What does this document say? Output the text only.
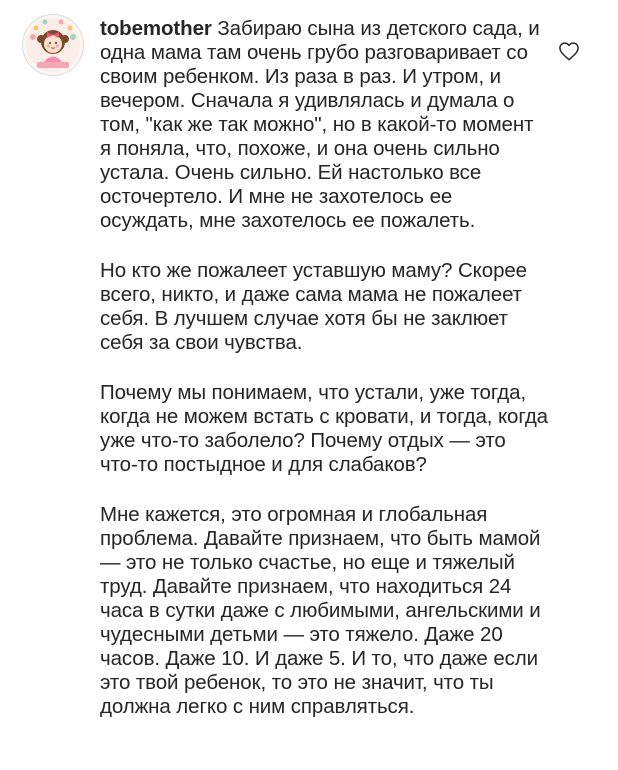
tobemother Забираю сына из детского сада, и одна мама там очень грубо разговаривает со своим ребенком. Из раза в раз. И утром, и вечером. Сначала я удивлялась и думала о том, "как же так можно", но в какой-то момент я поняла, что, похоже, и она очень сильно устала. Очень сильно. Ей настолько все осточертело. И мне не захотелось ее осуждать, мне захотелось ее пожалеть.

Но кто же пожалеет уставшую маму? Скорее всего, никто, и даже сама мама не пожалеет себя. В лучшем случае хотя бы не заклюет себя за свои чувства.

Почему мы понимаем, что устали, уже тогда, когда не можем встать с кровати, и тогда, когда уже что-то заболело? Почему отдых — это что-то постыдное и для слабаков?

Мне кажется, это огромная и глобальная проблема. Давайте признаем, что быть мамой — это не только счастье, но еще и тяжелый труд. Давайте признаем, что находиться 24 часа в сутки даже с любимыми, ангельскими и чудесными детьми — это тяжело. Даже 20 часов. Даже 10. И даже 5. И то, что даже если это твой ребенок, то это не значит, что ты должна легко с ним справляться.
